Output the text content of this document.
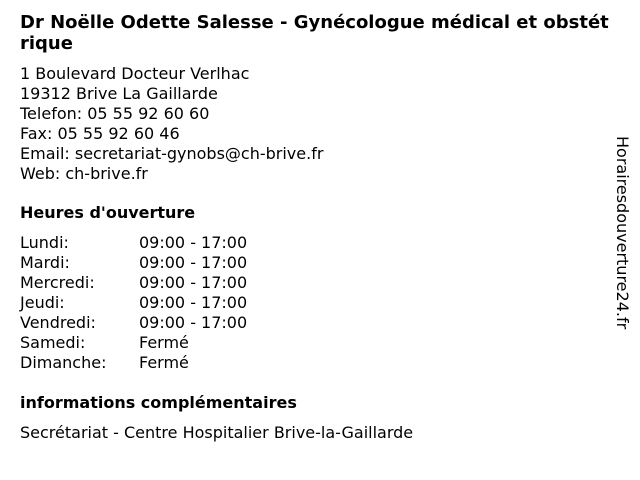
Dr Noëlle Odette Salesse - Gynécologue médical et obstétrique
1 Boulevard Docteur Verlhac
19312 Brive La Gaillarde
Telefon: 05 55 92 60 60
Fax: 05 55 92 60 46
Email: secretariat-gynobs@ch-brive.fr
Web: ch-brive.fr
Heures d'ouverture
Lundi:	09:00 - 17:00
Mardi:	09:00 - 17:00
Mercredi:	09:00 - 17:00
Jeudi:	09:00 - 17:00
Vendredi:	09:00 - 17:00
Samedi:	Fermé
Dimanche:	Fermé
informations complémentaires
Secrétariat - Centre Hospitalier Brive-la-Gaillarde
Horairesdouverture24.fr
